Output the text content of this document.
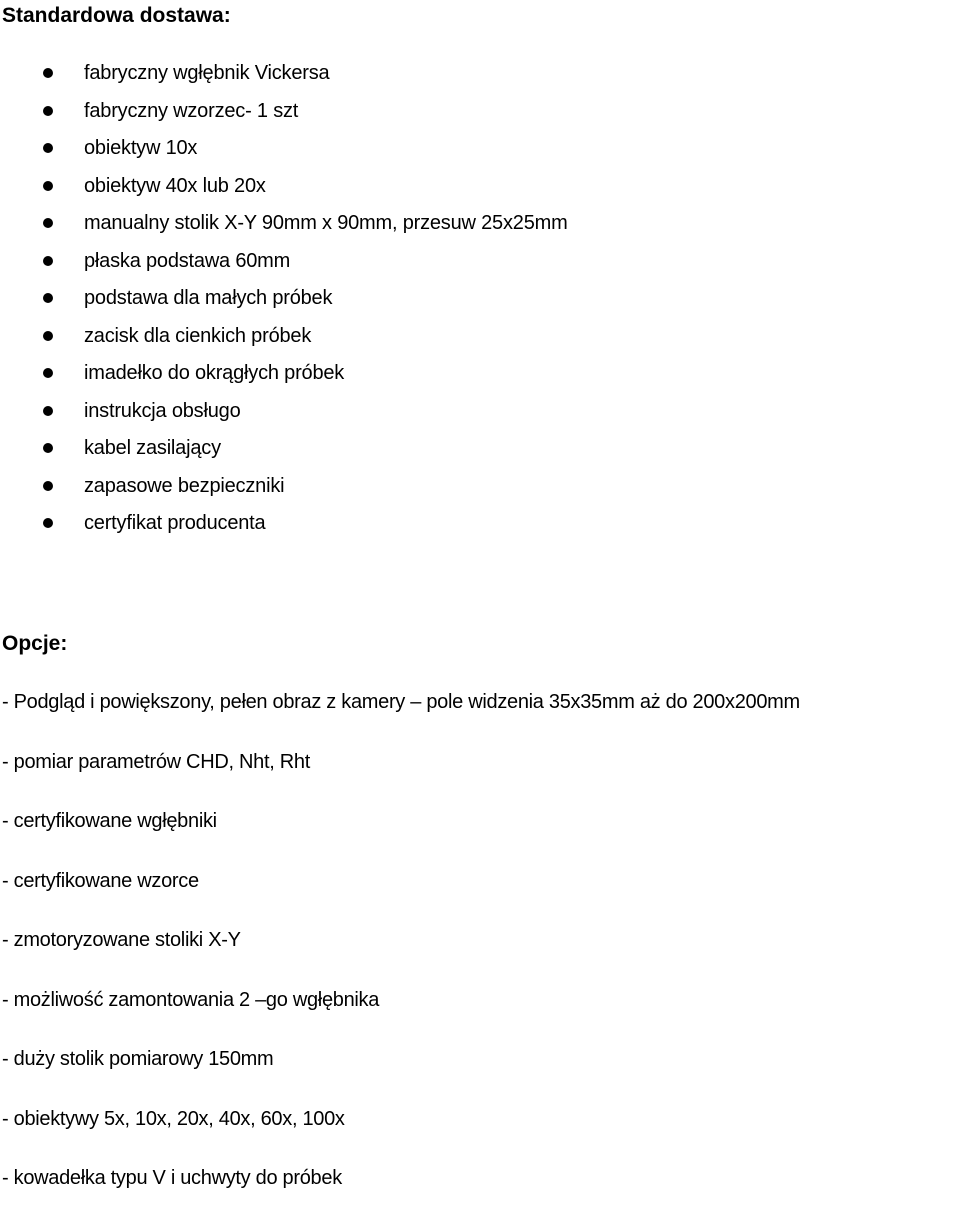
Standardowa dostawa:
fabryczny wgłębnik Vickersa
fabryczny wzorzec- 1 szt
obiektyw 10x
obiektyw 40x lub 20x
manualny stolik X-Y 90mm x 90mm, przesuw 25x25mm
płaska podstawa 60mm
podstawa dla małych próbek
zacisk dla cienkich próbek
imadełko do okrągłych próbek
instrukcja obsługo
kabel zasilający
zapasowe bezpieczniki
certyfikat producenta
Opcje:
- Podgląd i powiększony, pełen obraz z kamery – pole widzenia 35x35mm aż do 200x200mm
- pomiar parametrów CHD, Nht, Rht
- certyfikowane wgłębniki
- certyfikowane wzorce
- zmotoryzowane stoliki X-Y
- możliwość zamontowania 2 –go wgłębnika
- duży stolik pomiarowy 150mm
- obiektywy 5x, 10x, 20x, 40x, 60x, 100x
- kowadełka typu V i uchwyty do próbek
